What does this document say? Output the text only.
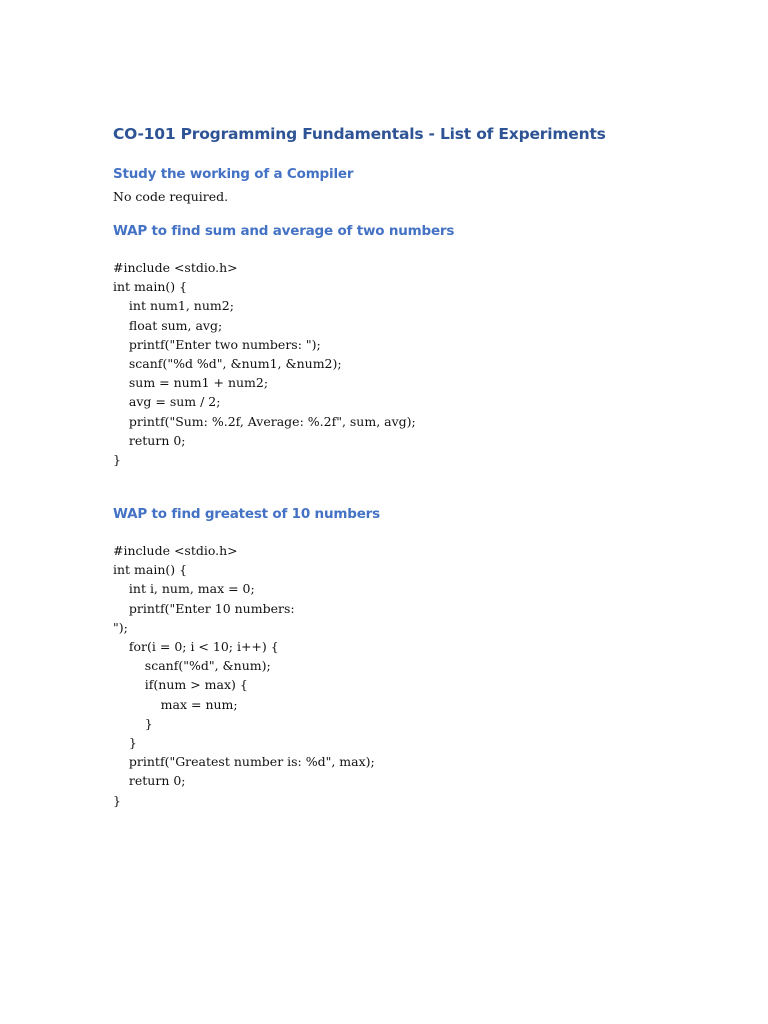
CO-101 Programming Fundamentals - List of Experiments
Study the working of a Compiler

No code required.

WAP to find sum and average of two numbers
#include <stdio.h>
int main() {
int num1, num2;
float sum, avg;
printf("Enter two numbers: ");
scanf("%d %d", &num1, &num2);
sum = num1 + num2;
avg = sum / 2;
printf("Sum: %.2f, Average: %.2f", sum, avg);
return 0;
}
WAP to find greatest of 10 numbers
#include <stdio.h>
int main() {
int i, num, max = 0;
printf("Enter 10 numbers:
");
for(i = 0; i < 10; i++) {
scanf("%d", &num);
if(num > max) {
max = num;
}
}
printf("Greatest number is: %d", max);
return 0;
}
